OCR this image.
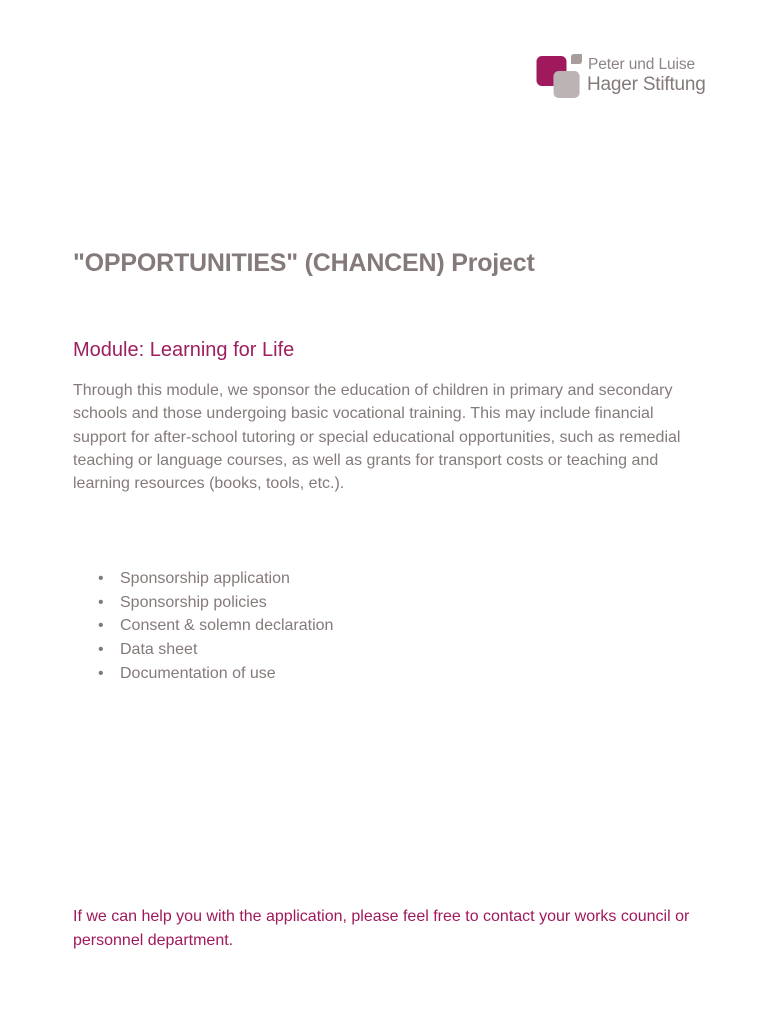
Peter und Luise
Hager Stiftung
"OPPORTUNITIES" (CHANCEN) Project
Module: Learning for Life

Through this module, we sponsor the education of children in primary and secondary schools and those undergoing basic vocational training. This may include financial support for after-school tutoring or special educational opportunities, such as remedial teaching or language courses, as well as grants for transport costs or teaching and learning resources (books, tools, etc.).

• Sponsorship application
• Sponsorship policies
• Consent & solemn declaration
• Data sheet
• Documentation of use

If we can help you with the application, please feel free to contact your works council or personnel department.
